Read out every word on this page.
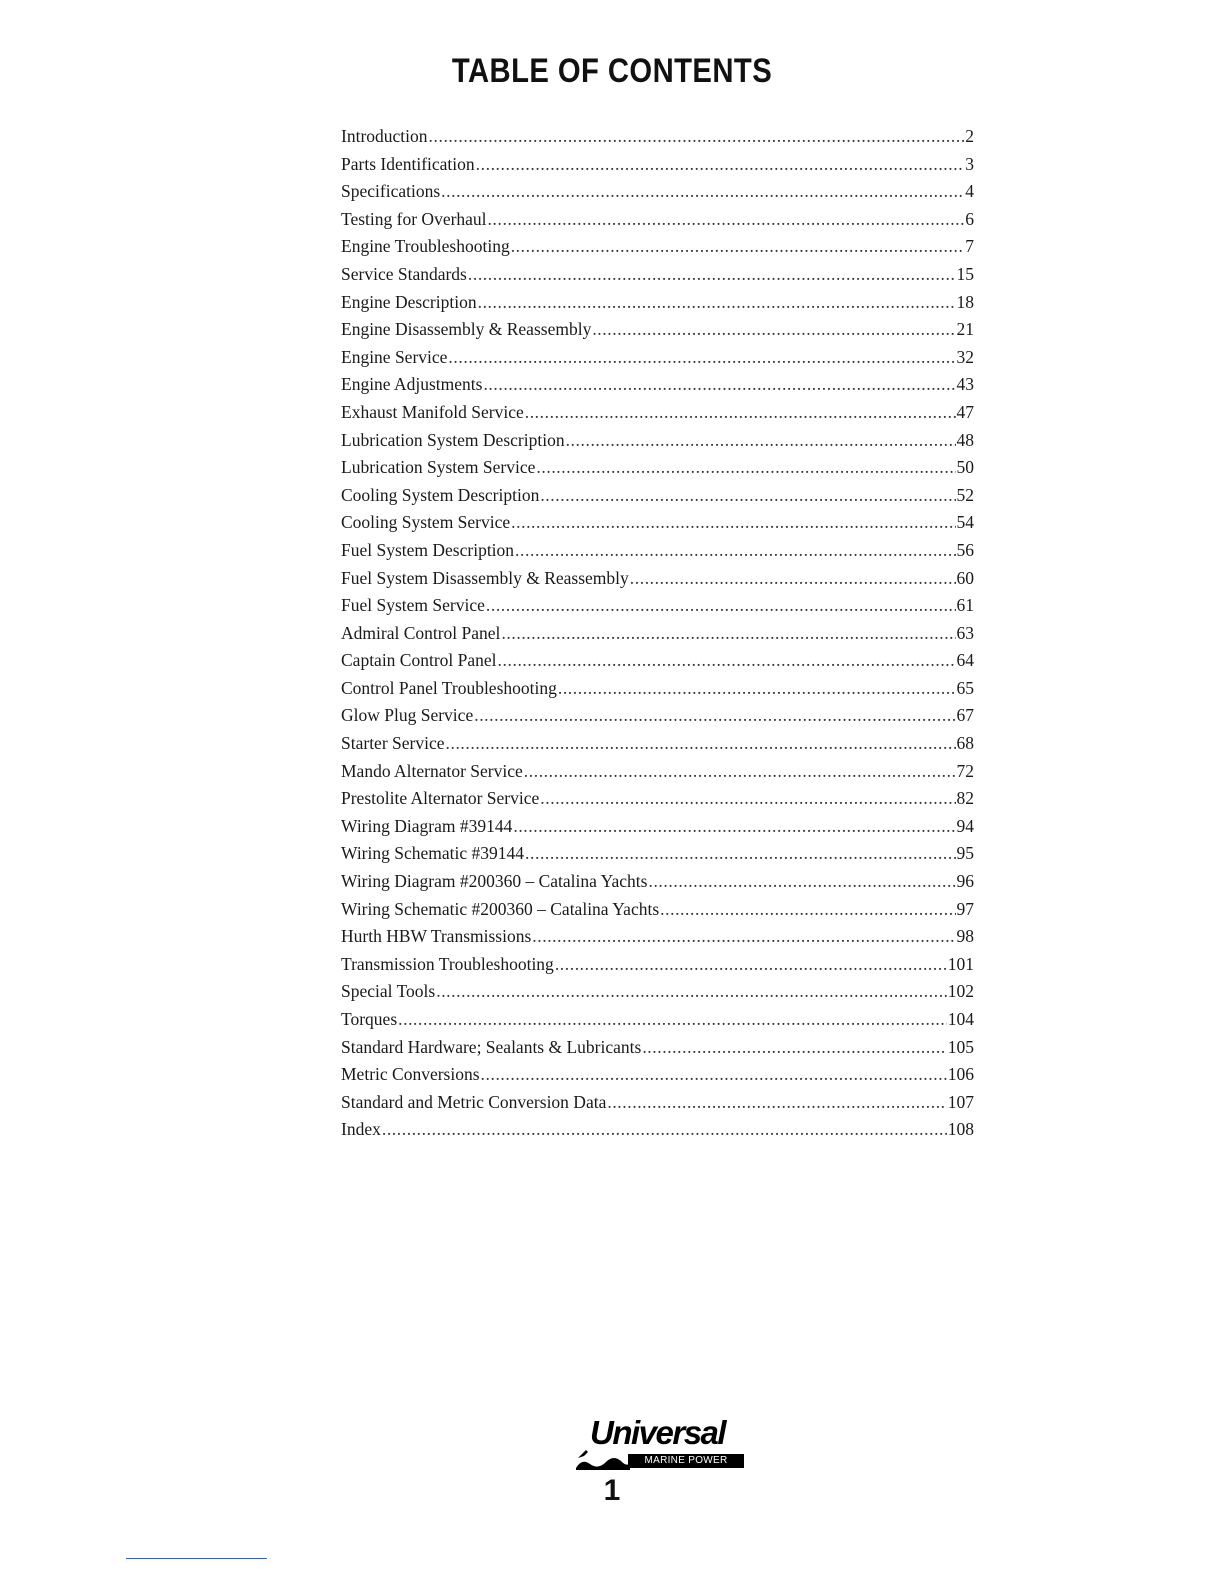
TABLE OF CONTENTS
Introduction .....	2
Parts Identification .....	3
Specifications .....	4
Testing for Overhaul .....	6
Engine Troubleshooting .....	7
Service Standards .....	15
Engine Description .....	18
Engine Disassembly & Reassembly .....	21
Engine Service .....	32
Engine Adjustments .....	43
Exhaust Manifold Service .....	47
Lubrication System Description .....	48
Lubrication System Service .....	50
Cooling System Description .....	52
Cooling System Service .....	54
Fuel System Description .....	56
Fuel System Disassembly & Reassembly .....	60
Fuel System Service .....	61
Admiral Control Panel .....	63
Captain Control Panel .....	64
Control Panel Troubleshooting .....	65
Glow Plug Service .....	67
Starter Service .....	68
Mando Alternator Service .....	72
Prestolite Alternator Service .....	82
Wiring Diagram #39144 .....	94
Wiring Schematic #39144 .....	95
Wiring Diagram #200360 – Catalina Yachts .....	96
Wiring Schematic #200360 – Catalina Yachts .....	97
Hurth HBW Transmissions .....	98
Transmission Troubleshooting .....	101
Special Tools .....	102
Torques .....	104
Standard Hardware; Sealants & Lubricants .....	105
Metric Conversions .....	106
Standard and Metric Conversion Data .....	107
Index .....	108
Universal
MARINE POWER
1
